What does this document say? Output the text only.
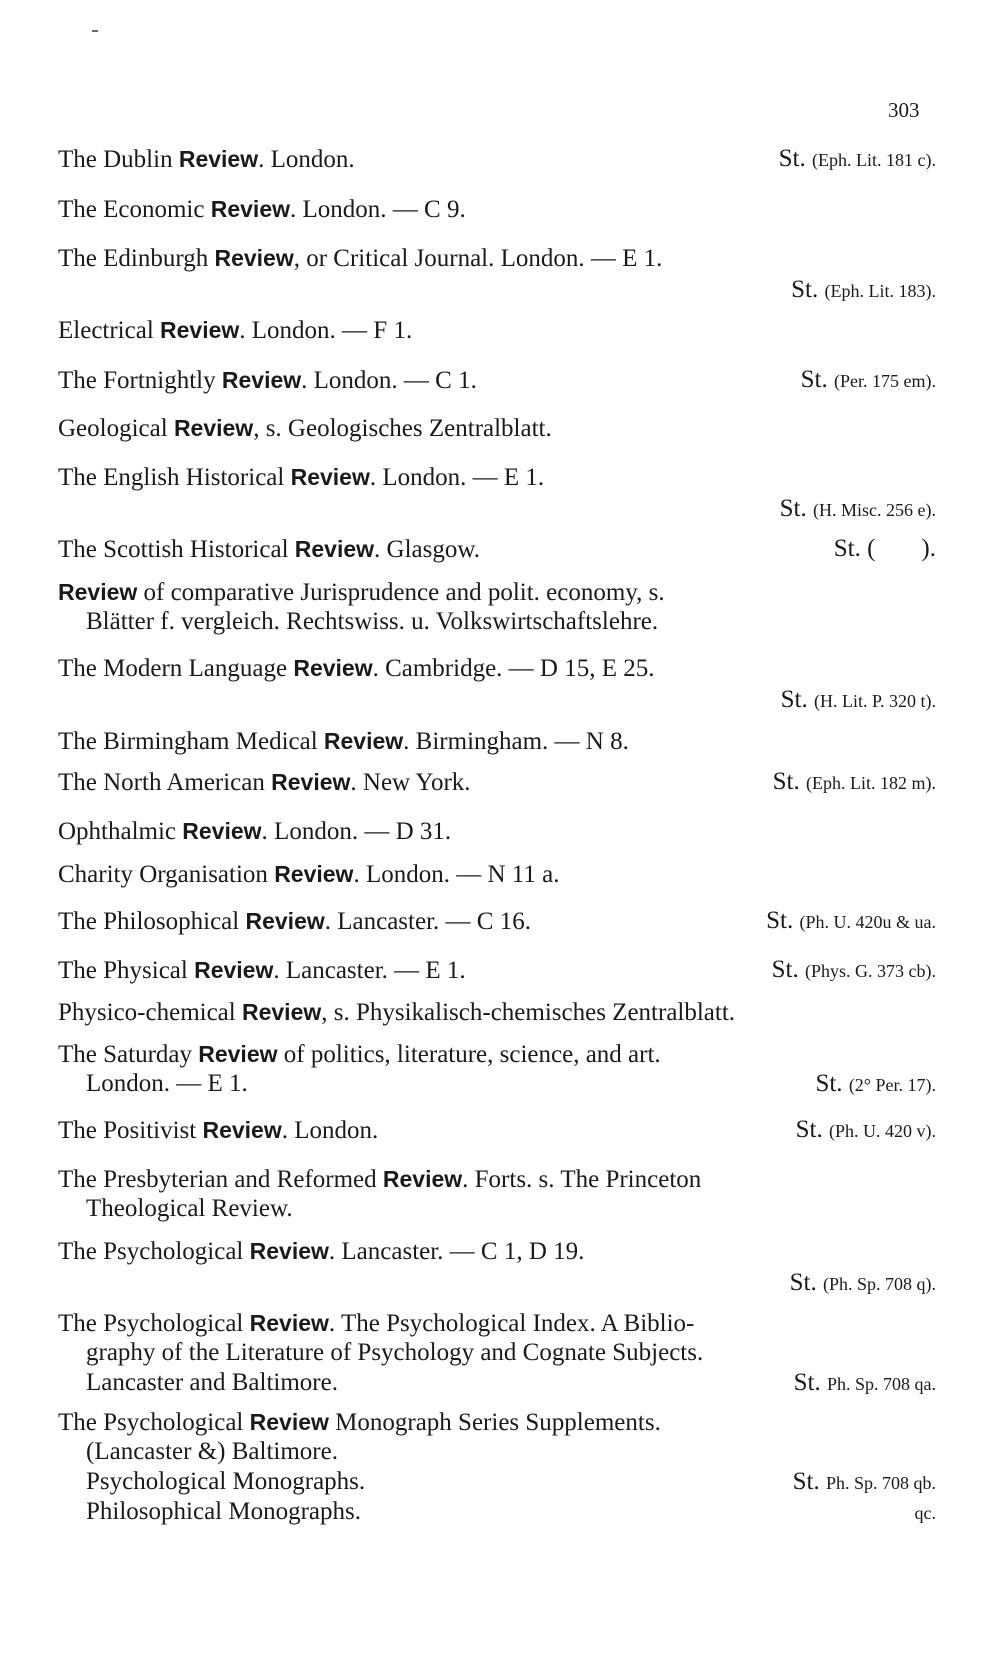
303
The Dublin Review. London.	St. (Eph. Lit. 181 c).
The Economic Review. London. — C 9.
The Edinburgh Review, or Critical Journal. London. — E 1.
St. (Eph. Lit. 183).
Electrical Review. London. — F 1.
The Fortnightly Review. London. — C 1.	St. (Per. 175 em).
Geological Review, s. Geologisches Zentralblatt.
The English Historical Review. London. — E 1.
St. (H. Misc. 256 e).
The Scottish Historical Review. Glasgow.	St. ( ).
Review of comparative Jurisprudence and polit. economy, s.
Blätter f. vergleich. Rechtswiss. u. Volkswirtschaftslehre.
The Modern Language Review. Cambridge. — D 15, E 25.
St. (H. Lit. P. 320 t).
The Birmingham Medical Review. Birmingham. — N 8.
The North American Review. New York.	St. (Eph. Lit. 182 m).
Ophthalmic Review. London. — D 31.
Charity Organisation Review. London. — N 11 a.
The Philosophical Review. Lancaster. — C 16.	St. (Ph. U. 420u & ua.
The Physical Review. Lancaster. — E 1.	St. (Phys. G. 373 cb).
Physico-chemical Review, s. Physikalisch-chemisches Zentralblatt.
The Saturday Review of politics, literature, science, and art.
London. — E 1.	St. (2° Per. 17).
The Positivist Review. London.	St. (Ph. U. 420 v).
The Presbyterian and Reformed Review. Forts. s. The Princeton
Theological Review.
The Psychological Review. Lancaster. — C 1, D 19.
St. (Ph. Sp. 708 q).
The Psychological Review. The Psychological Index. A Biblio-
graphy of the Literature of Psychology and Cognate Subjects.
Lancaster and Baltimore.	St. Ph. Sp. 708 qa.
The Psychological Review Monograph Series Supplements.
(Lancaster &) Baltimore.
Psychological Monographs.	St. Ph. Sp. 708 qb.
Philosophical Monographs.	qc.
